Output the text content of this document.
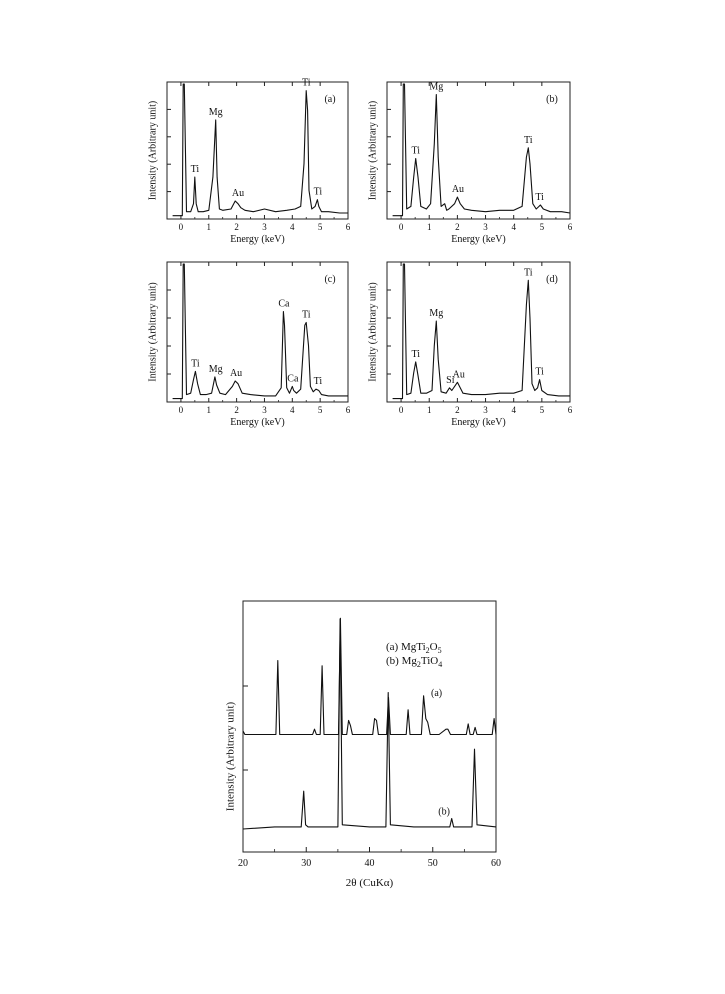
0	1	2	3	4	5	6
Ti
Mg
Au
Ti
Ti
(a)
Energy (keV)
Intensity (Arbitrary unit)
0	1	2	3	4	5	6
Ti
Mg
Au
Ti
Ti
(b)
Energy (keV)
Intensity (Arbitrary unit)
0	1	2	3	4	5	6
Ti Mg Au
Ca
Ca
Ti
Ti
(c)
Energy (keV)
Intensity (Arbitrary unit)
0	1	2	3	4	5	6
Ti
Mg
Si
Au
Ti
Ti
(d)
Energy (keV)
Intensity (Arbitrary unit)
20	30	40	50	60
(a)
(b)
(a) $MgTi_2O_5$
(b) $Mg_2TiO_4$
2θ (CuKα)
Intensity (Arbitrary unit)
